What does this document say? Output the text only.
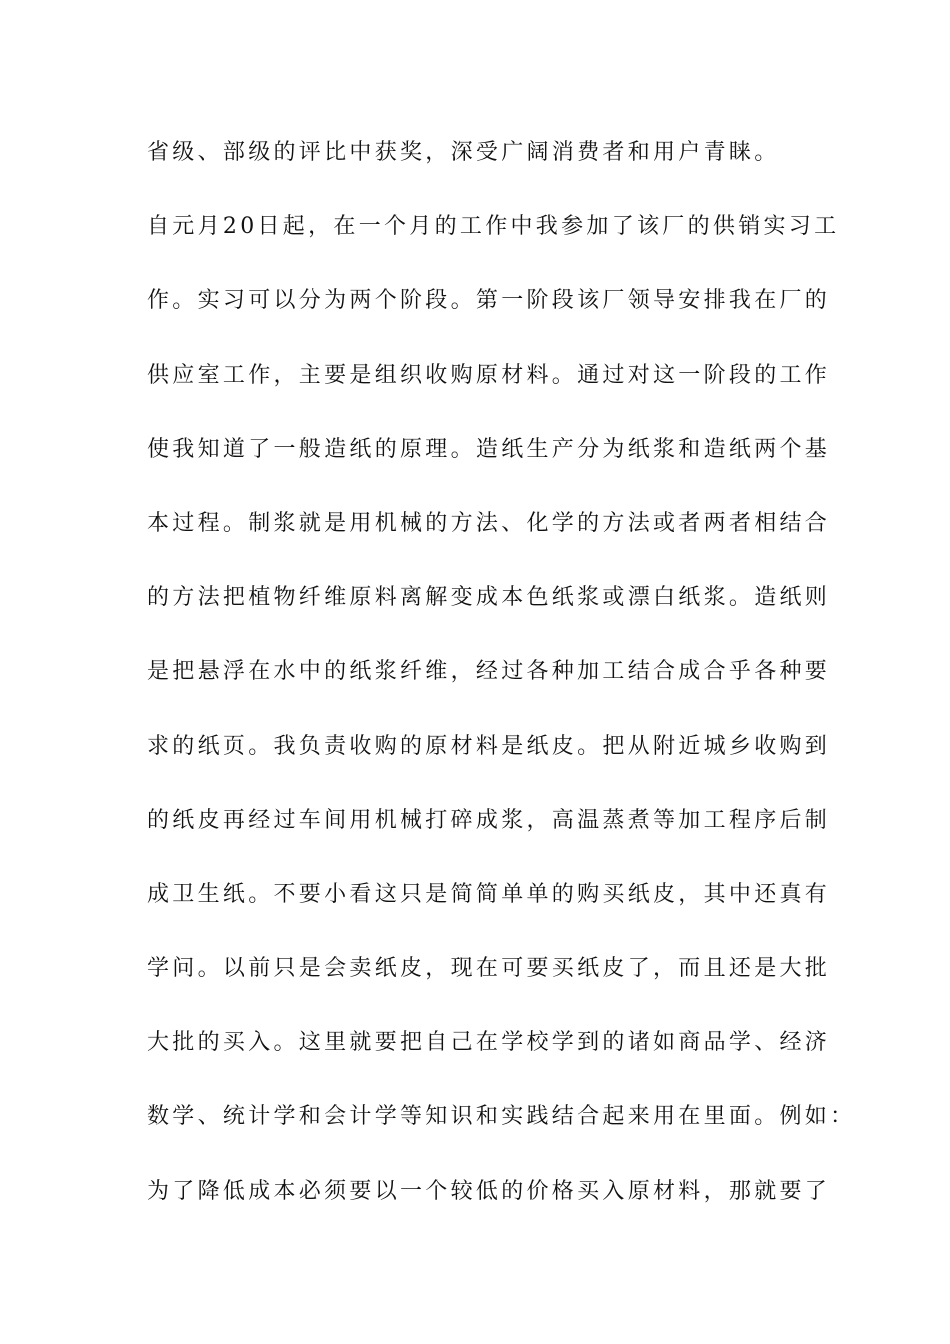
省级、部级的评比中获奖，深受广阔消费者和用户青睐。

自元月20日起，在一个月的工作中我参加了该厂的供销实习工

作。实习可以分为两个阶段。第一阶段该厂领导安排我在厂的

供应室工作，主要是组织收购原材料。通过对这一阶段的工作

使我知道了一般造纸的原理。造纸生产分为纸浆和造纸两个基

本过程。制浆就是用机械的方法、化学的方法或者两者相结合

的方法把植物纤维原料离解变成本色纸浆或漂白纸浆。造纸则

是把悬浮在水中的纸浆纤维，经过各种加工结合成合乎各种要

求的纸页。我负责收购的原材料是纸皮。把从附近城乡收购到

的纸皮再经过车间用机械打碎成浆，高温蒸煮等加工程序后制

成卫生纸。不要小看这只是简简单单的购买纸皮，其中还真有

学问。以前只是会卖纸皮，现在可要买纸皮了，而且还是大批

大批的买入。这里就要把自己在学校学到的诸如商品学、经济

数学、统计学和会计学等知识和实践结合起来用在里面。例如：

为了降低成本必须要以一个较低的价格买入原材料，那就要了
